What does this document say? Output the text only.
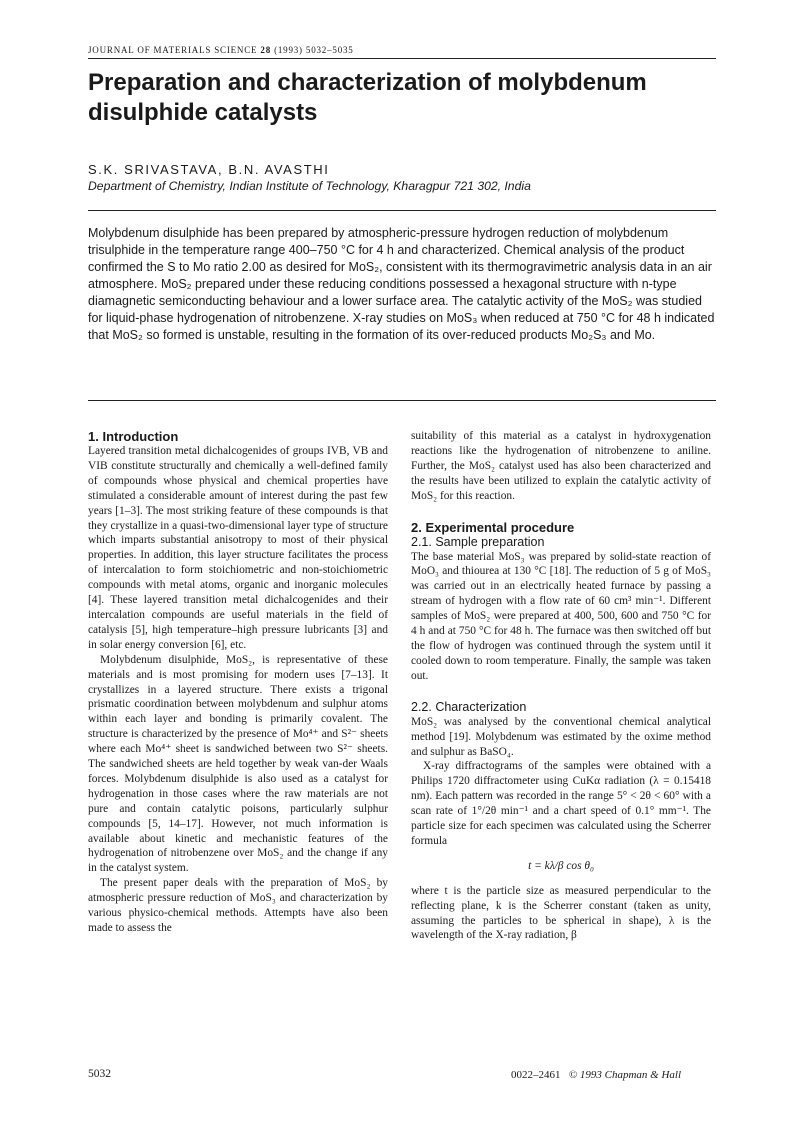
JOURNAL OF MATERIALS SCIENCE 28 (1993) 5032–5035
Preparation and characterization of molybdenum disulphide catalysts
S.K. SRIVASTAVA, B.N. AVASTHI
Department of Chemistry, Indian Institute of Technology, Kharagpur 721 302, India

Molybdenum disulphide has been prepared by atmospheric-pressure hydrogen reduction of molybdenum trisulphide in the temperature range 400–750 °C for 4 h and characterized. Chemical analysis of the product confirmed the S to Mo ratio 2.00 as desired for MoS₂, consistent with its thermogravimetric analysis data in an air atmosphere. MoS₂ prepared under these reducing conditions possessed a hexagonal structure with n-type diamagnetic semiconducting behaviour and a lower surface area. The catalytic activity of the MoS₂ was studied for liquid-phase hydrogenation of nitrobenzene. X-ray studies on MoS₃ when reduced at 750 °C for 48 h indicated that MoS₂ so formed is unstable, resulting in the formation of its over-reduced products Mo₂S₃ and Mo.

1. Introduction

Layered transition metal dichalcogenides of groups IVB, VB and VIB constitute structurally and chemically a well-defined family of compounds whose physical and chemical properties have stimulated a considerable amount of interest during the past few years [1–3]. The most striking feature of these compounds is that they crystallize in a quasi-two-dimensional layer type of structure which imparts substantial anisotropy to most of their physical properties. In addition, this layer structure facilitates the process of intercalation to form stoichiometric and non-stoichiometric compounds with metal atoms, organic and inorganic molecules [4]. These layered transition metal dichalcogenides and their intercalation compounds are useful materials in the field of catalysis [5], high temperature–high pressure lubricants [3] and in solar energy conversion [6], etc.

Molybdenum disulphide, MoS₂, is representative of these materials and is most promising for modern uses [7–13]. It crystallizes in a layered structure. There exists a trigonal prismatic coordination between molybdenum and sulphur atoms within each layer and bonding is primarily covalent. The structure is characterized by the presence of Mo⁴⁺ and S²⁻ sheets where each Mo⁴⁺ sheet is sandwiched between two S²⁻ sheets. The sandwiched sheets are held together by weak van-der Waals forces. Molybdenum disulphide is also used as a catalyst for hydrogenation in those cases where the raw materials are not pure and contain catalytic poisons, particularly sulphur compounds [5, 14–17]. However, not much information is available about kinetic and mechanistic features of the hydrogenation of nitrobenzene over MoS₂ and the change if any in the catalyst system.

The present paper deals with the preparation of MoS₂ by atmospheric pressure reduction of MoS₃ and characterization by various physico-chemical methods. Attempts have also been made to assess the

suitability of this material as a catalyst in hydroxygenation reactions like the hydrogenation of nitrobenzene to aniline. Further, the MoS₂ catalyst used has also been characterized and the results have been utilized to explain the catalytic activity of MoS₂ for this reaction.

2. Experimental procedure
2.1. Sample preparation

The base material MoS₃ was prepared by solid-state reaction of MoO₃ and thiourea at 130 °C [18]. The reduction of 5 g of MoS₃ was carried out in an electrically heated furnace by passing a stream of hydrogen with a flow rate of 60 cm³ min⁻¹. Different samples of MoS₂ were prepared at 400, 500, 600 and 750 °C for 4 h and at 750 °C for 48 h. The furnace was then switched off but the flow of hydrogen was continued through the system until it cooled down to room temperature. Finally, the sample was taken out.

2.2. Characterization

MoS₂ was analysed by the conventional chemical analytical method [19]. Molybdenum was estimated by the oxime method and sulphur as BaSO₄.

X-ray diffractograms of the samples were obtained with a Philips 1720 diffractometer using CuKα radiation (λ = 0.15418 nm). Each pattern was recorded in the range 5° < 2θ < 60° with a scan rate of 1°/2θ min⁻¹ and a chart speed of 0.1° mm⁻¹. The particle size for each specimen was calculated using the Scherrer formula

t = kλ/β cos θ₀

where t is the particle size as measured perpendicular to the reflecting plane, k is the Scherrer constant (taken as unity, assuming the particles to be spherical in shape), λ is the wavelength of the X-ray radiation, β

5032	0022–2461 © 1993 Chapman & Hall
